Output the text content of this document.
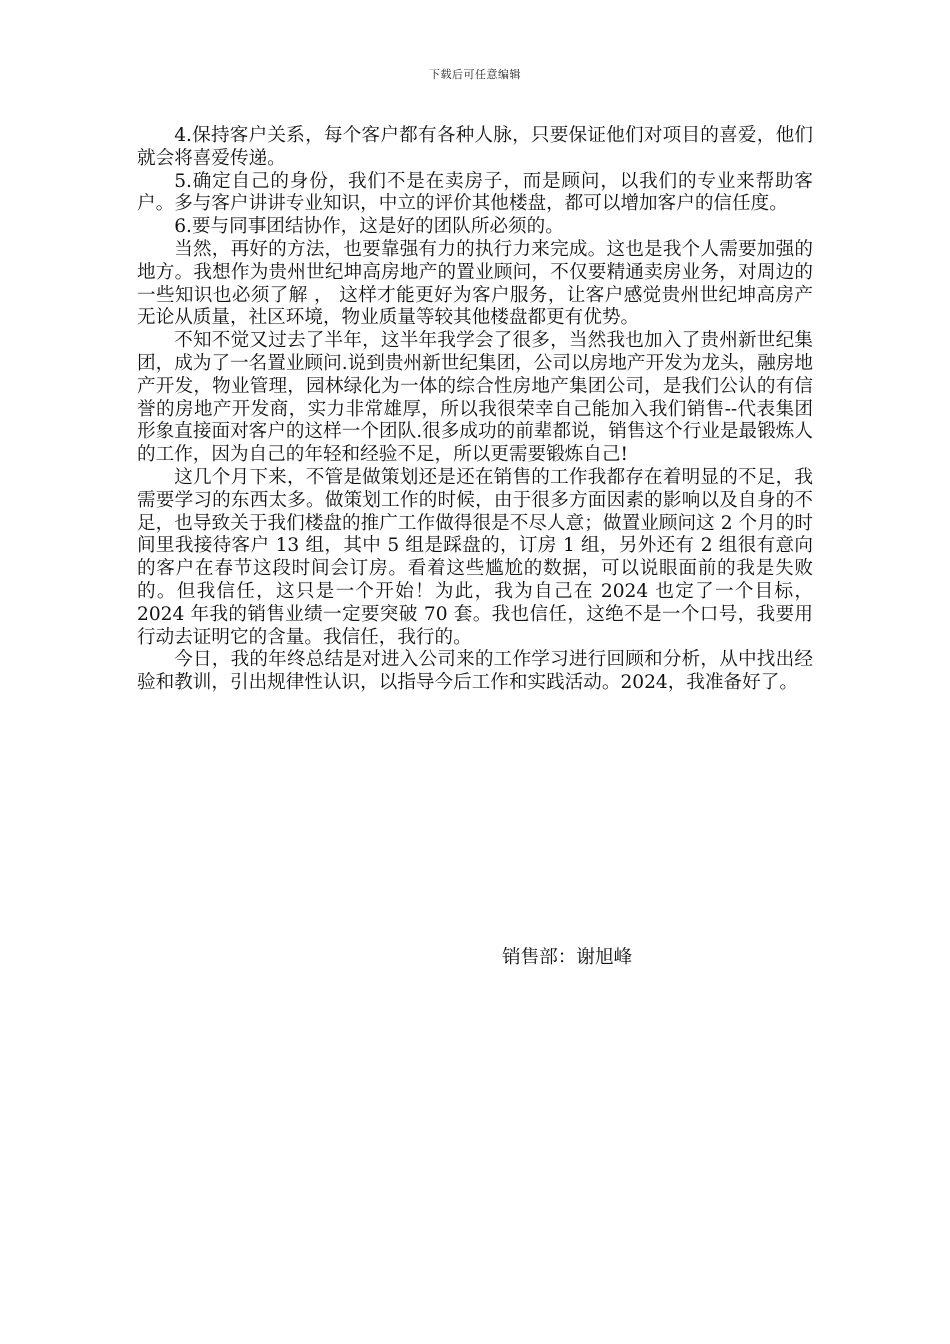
下载后可任意编辑

4.保持客户关系，每个客户都有各种人脉，只要保证他们对项目的喜爱，他们就会将喜爱传递。

5.确定自己的身份，我们不是在卖房子，而是顾问，以我们的专业来帮助客户。多与客户讲讲专业知识，中立的评价其他楼盘，都可以增加客户的信任度。

6.要与同事团结协作，这是好的团队所必须的。

当然，再好的方法，也要靠强有力的执行力来完成。这也是我个人需要加强的地方。我想作为贵州世纪坤高房地产的置业顾问，不仅要精通卖房业务，对周边的一些知识也必须了解 ， 这样才能更好为客户服务，让客户感觉贵州世纪坤高房产无论从质量，社区环境，物业质量等较其他楼盘都更有优势。

不知不觉又过去了半年，这半年我学会了很多，当然我也加入了贵州新世纪集团，成为了一名置业顾问.说到贵州新世纪集团，公司以房地产开发为龙头，融房地产开发，物业管理，园林绿化为一体的综合性房地产集团公司，是我们公认的有信誉的房地产开发商，实力非常雄厚，所以我很荣幸自己能加入我们销售--代表集团形象直接面对客户的这样一个团队.很多成功的前辈都说，销售这个行业是最锻炼人的工作，因为自己的年轻和经验不足，所以更需要锻炼自己!

这几个月下来，不管是做策划还是还在销售的工作我都存在着明显的不足，我需要学习的东西太多。做策划工作的时候，由于很多方面因素的影响以及自身的不足，也导致关于我们楼盘的推广工作做得很是不尽人意；做置业顾问这 2 个月的时间里我接待客户 13 组，其中 5 组是踩盘的，订房 1 组，另外还有 2 组很有意向的客户在春节这段时间会订房。看着这些尴尬的数据，可以说眼面前的我是失败的。但我信任，这只是一个开始！为此，我为自己在 2024 也定了一个目标，2024 年我的销售业绩一定要突破 70 套。我也信任，这绝不是一个口号，我要用行动去证明它的含量。我信任，我行的。

今日，我的年终总结是对进入公司来的工作学习进行回顾和分析，从中找出经验和教训，引出规律性认识，以指导今后工作和实践活动。2024，我准备好了。

销售部：谢旭峰
